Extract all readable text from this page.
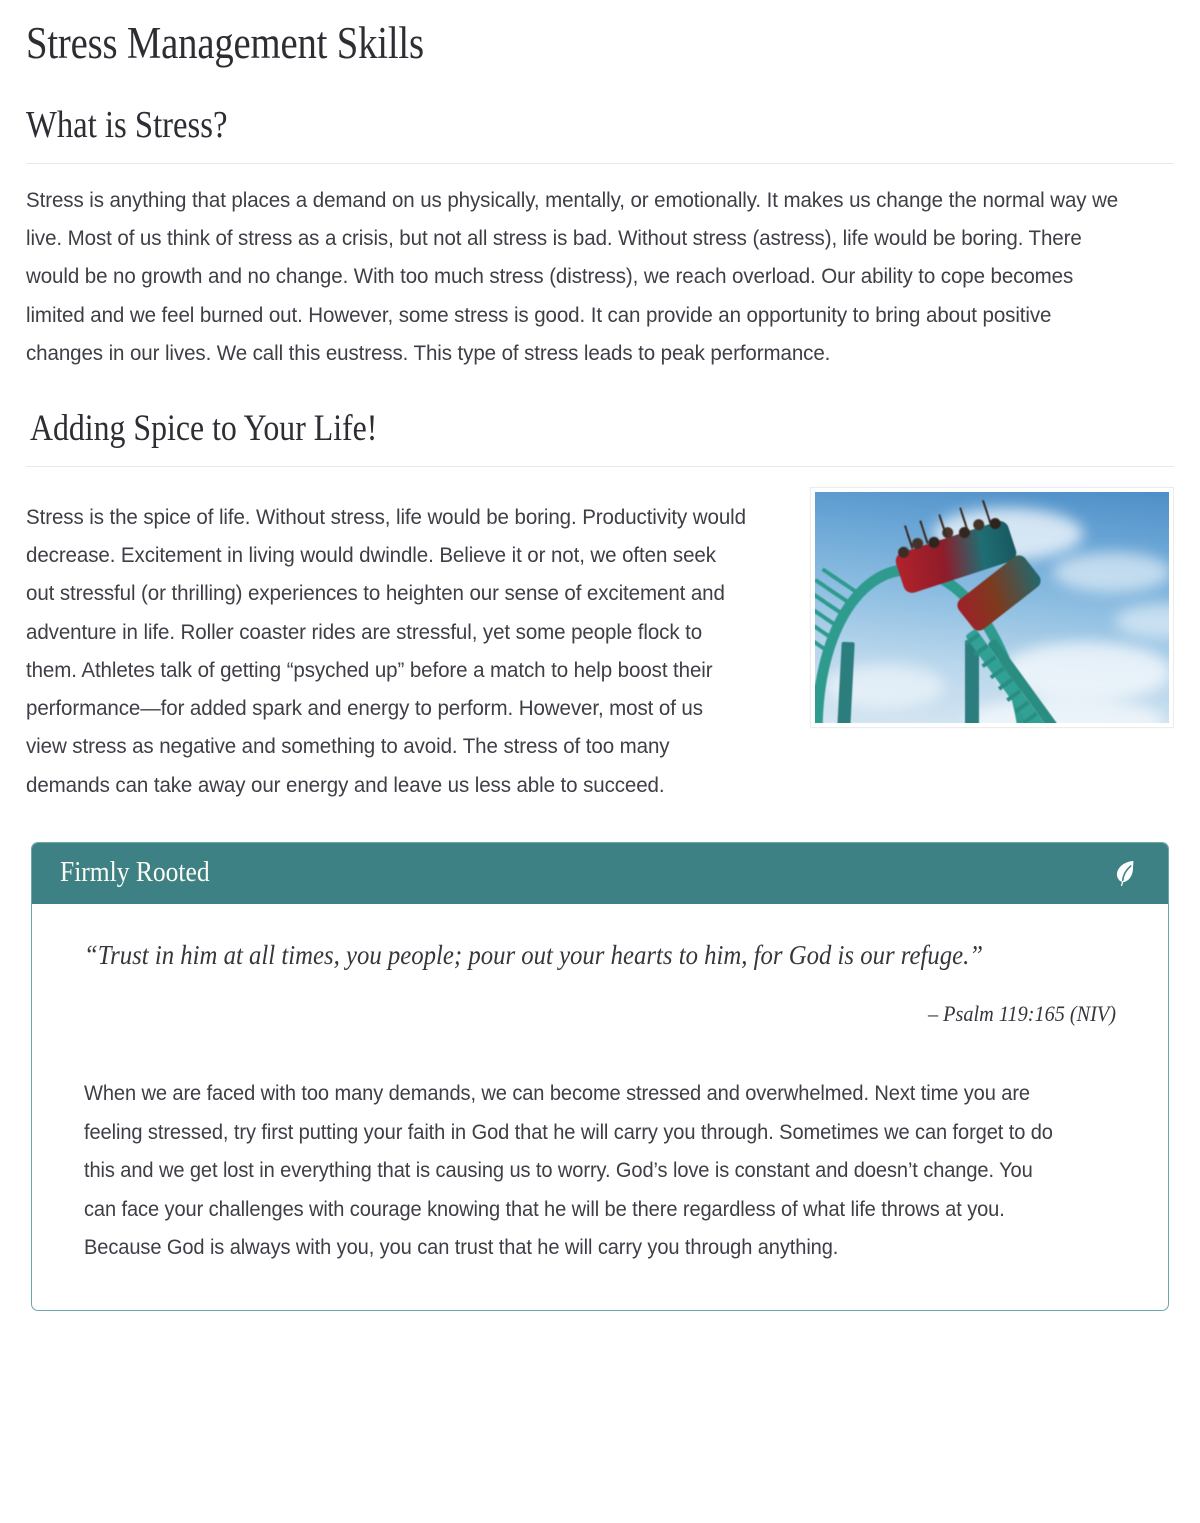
Stress Management Skills
What is Stress?

Stress is anything that places a demand on us physically, mentally, or emotionally. It makes us change the normal way we live. Most of us think of stress as a crisis, but not all stress is bad. Without stress (astress), life would be boring. There would be no growth and no change. With too much stress (distress), we reach overload. Our ability to cope becomes limited and we feel burned out. However, some stress is good. It can provide an opportunity to bring about positive changes in our lives. We call this eustress. This type of stress leads to peak performance.

Adding Spice to Your Life!

Stress is the spice of life. Without stress, life would be boring. Productivity would decrease. Excitement in living would dwindle. Believe it or not, we often seek out stressful (or thrilling) experiences to heighten our sense of excitement and adventure in life. Roller coaster rides are stressful, yet some people flock to them. Athletes talk of getting “psyched up” before a match to help boost their performance—for added spark and energy to perform. However, most of us view stress as negative and something to avoid. The stress of too many demands can take away our energy and leave us less able to succeed.

Firmly Rooted
“Trust in him at all times, you people; pour out your hearts to him, for God is our refuge.”
– Psalm 119:165 (NIV)

When we are faced with too many demands, we can become stressed and overwhelmed. Next time you are feeling stressed, try first putting your faith in God that he will carry you through. Sometimes we can forget to do this and we get lost in everything that is causing us to worry. God’s love is constant and doesn’t change. You can face your challenges with courage knowing that he will be there regardless of what life throws at you. Because God is always with you, you can trust that he will carry you through anything.
